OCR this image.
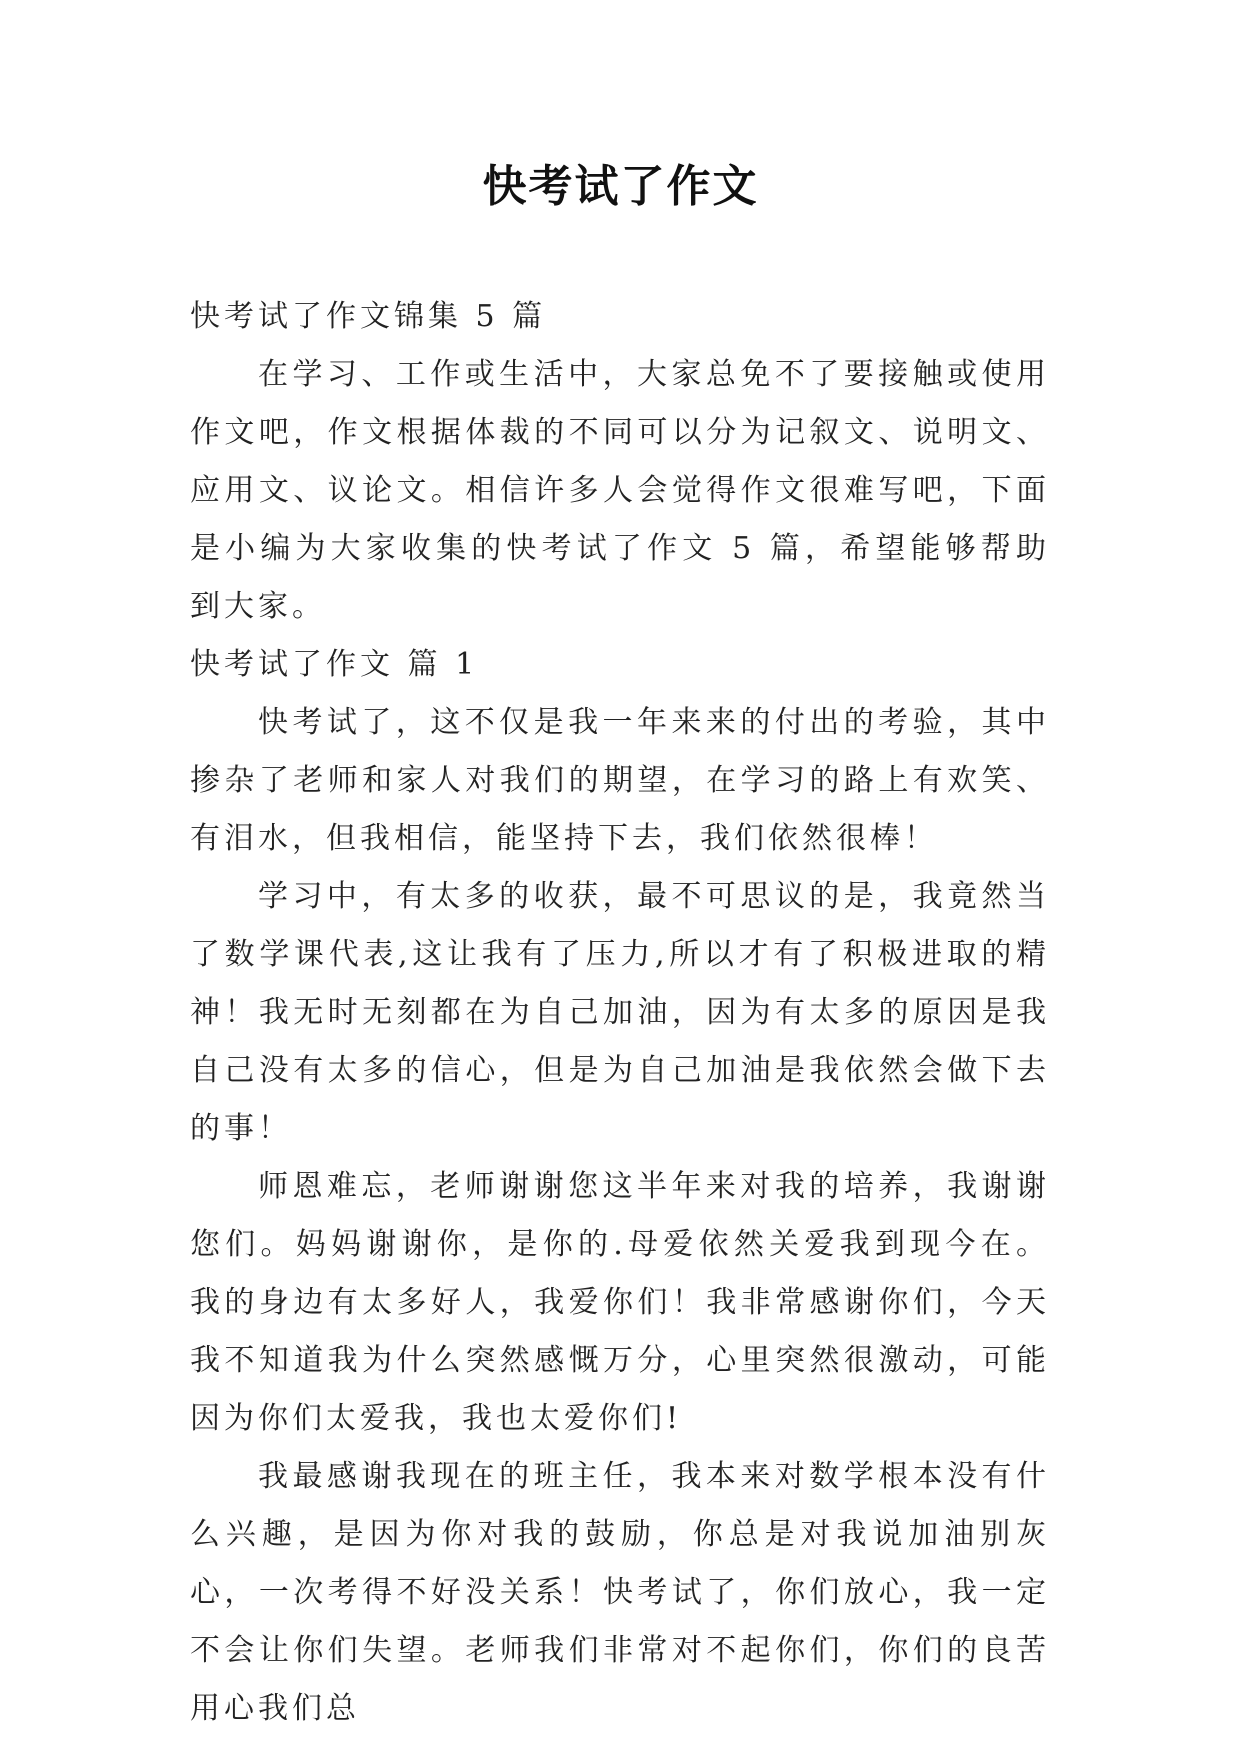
快考试了作文
快考试了作文锦集 5 篇

在学习、工作或生活中，大家总免不了要接触或使用作文吧，作文根据体裁的不同可以分为记叙文、说明文、应用文、议论文。相信许多人会觉得作文很难写吧，下面是小编为大家收集的快考试了作文 5 篇，希望能够帮助到大家。

快考试了作文 篇 1

快考试了，这不仅是我一年来来的付出的考验，其中掺杂了老师和家人对我们的期望，在学习的路上有欢笑、有泪水，但我相信，能坚持下去，我们依然很棒！

学习中，有太多的收获，最不可思议的是，我竟然当了数学课代表,这让我有了压力,所以才有了积极进取的精神！我无时无刻都在为自己加油，因为有太多的原因是我自己没有太多的信心，但是为自己加油是我依然会做下去的事！

师恩难忘，老师谢谢您这半年来对我的培养，我谢谢您们。妈妈谢谢你，是你的.母爱依然关爱我到现今在。我的身边有太多好人，我爱你们！我非常感谢你们，今天我不知道我为什么突然感慨万分，心里突然很激动，可能因为你们太爱我，我也太爱你们!

我最感谢我现在的班主任，我本来对数学根本没有什么兴趣，是因为你对我的鼓励，你总是对我说加油别灰心，一次考得不好没关系！快考试了，你们放心，我一定不会让你们失望。老师我们非常对不起你们，你们的良苦用心我们总
